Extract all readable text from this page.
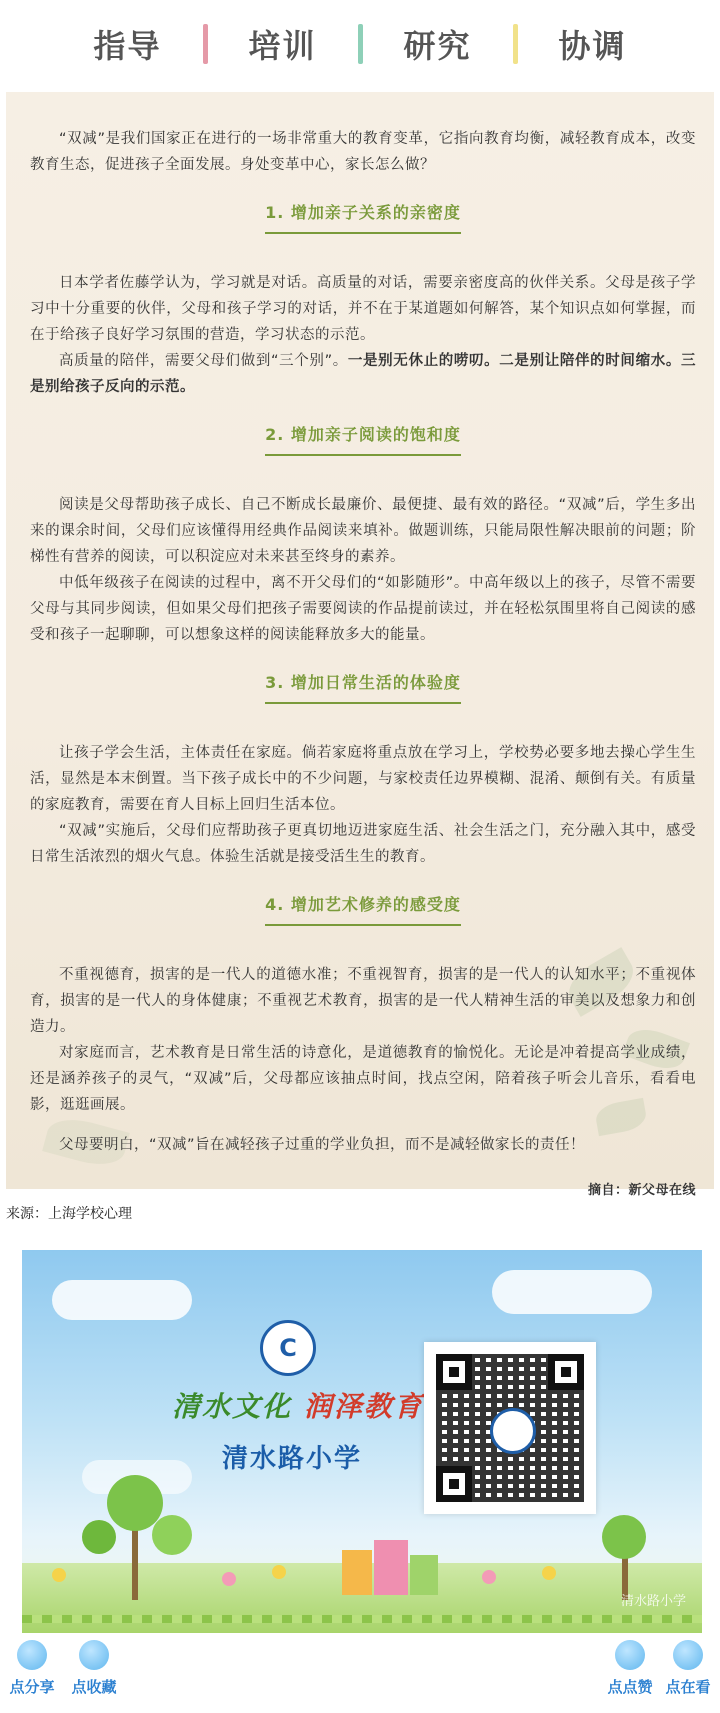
指导	培训	研究	协调

“双减”是我们国家正在进行的一场非常重大的教育变革，它指向教育均衡，减轻教育成本，改变教育生态，促进孩子全面发展。身处变革中心，家长怎么做？

1. 增加亲子关系的亲密度

日本学者佐藤学认为，学习就是对话。高质量的对话，需要亲密度高的伙伴关系。父母是孩子学习中十分重要的伙伴，父母和孩子学习的对话，并不在于某道题如何解答，某个知识点如何掌握，而在于给孩子良好学习氛围的营造，学习状态的示范。

高质量的陪伴，需要父母们做到“三个别”。一是别无休止的唠叨。二是别让陪伴的时间缩水。三是别给孩子反向的示范。

2. 增加亲子阅读的饱和度

阅读是父母帮助孩子成长、自己不断成长最廉价、最便捷、最有效的路径。“双减”后，学生多出来的课余时间，父母们应该懂得用经典作品阅读来填补。做题训练，只能局限性解决眼前的问题；阶梯性有营养的阅读，可以积淀应对未来甚至终身的素养。

中低年级孩子在阅读的过程中，离不开父母们的“如影随形”。中高年级以上的孩子，尽管不需要父母与其同步阅读，但如果父母们把孩子需要阅读的作品提前读过，并在轻松氛围里将自己阅读的感受和孩子一起聊聊，可以想象这样的阅读能释放多大的能量。

3. 增加日常生活的体验度

让孩子学会生活，主体责任在家庭。倘若家庭将重点放在学习上，学校势必要多地去操心学生生活，显然是本末倒置。当下孩子成长中的不少问题，与家校责任边界模糊、混淆、颠倒有关。有质量的家庭教育，需要在育人目标上回归生活本位。

“双减”实施后，父母们应帮助孩子更真切地迈进家庭生活、社会生活之门，充分融入其中，感受日常生活浓烈的烟火气息。体验生活就是接受活生生的教育。

4. 增加艺术修养的感受度

不重视德育，损害的是一代人的道德水准；不重视智育，损害的是一代人的认知水平；不重视体育，损害的是一代人的身体健康；不重视艺术教育，损害的是一代人精神生活的审美以及想象力和创造力。

对家庭而言，艺术教育是日常生活的诗意化，是道德教育的愉悦化。无论是冲着提高学业成绩，还是涵养孩子的灵气，“双减”后，父母都应该抽点时间，找点空闲，陪着孩子听会儿音乐，看看电影，逛逛画展。

父母要明白，“双减”旨在减轻孩子过重的学业负担，而不是减轻做家长的责任！

摘自：新父母在线
来源：上海学校心理
C
清水文化 润泽教育
清水路小学
清水路小学
点分享	点收藏	点点赞 点在看
